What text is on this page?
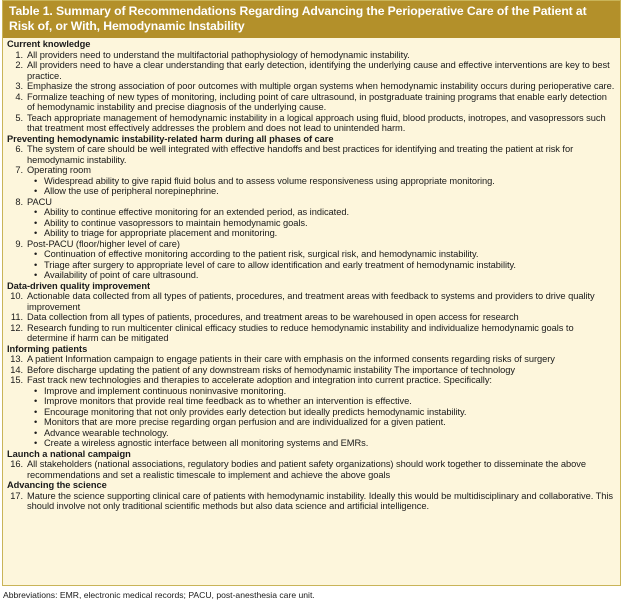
Table 1. Summary of Recommendations Regarding Advancing the Perioperative Care of the Patient at Risk of, or With, Hemodynamic Instability
Current knowledge
1. All providers need to understand the multifactorial pathophysiology of hemodynamic instability.
2. All providers need to have a clear understanding that early detection, identifying the underlying cause and effective interventions are key to best practice.
3. Emphasize the strong association of poor outcomes with multiple organ systems when hemodynamic instability occurs during perioperative care.
4. Formalize teaching of new types of monitoring, including point of care ultrasound, in postgraduate training programs that enable early detection of hemodynamic instability and precise diagnosis of the underlying cause.
5. Teach appropriate management of hemodynamic instability in a logical approach using fluid, blood products, inotropes, and vasopressors such that treatment most effectively addresses the problem and does not lead to unintended harm.
Preventing hemodynamic instability-related harm during all phases of care
6. The system of care should be well integrated with effective handoffs and best practices for identifying and treating the patient at risk for hemodynamic instability.
7. Operating room
• Widespread ability to give rapid fluid bolus and to assess volume responsiveness using appropriate monitoring.
• Allow the use of peripheral norepinephrine.
8. PACU
• Ability to continue effective monitoring for an extended period, as indicated.
• Ability to continue vasopressors to maintain hemodynamic goals.
• Ability to triage for appropriate placement and monitoring.
9. Post-PACU (floor/higher level of care)
• Continuation of effective monitoring according to the patient risk, surgical risk, and hemodynamic instability.
• Triage after surgery to appropriate level of care to allow identification and early treatment of hemodynamic instability.
• Availability of point of care ultrasound.
Data-driven quality improvement
10. Actionable data collected from all types of patients, procedures, and treatment areas with feedback to systems and providers to drive quality improvement
11. Data collection from all types of patients, procedures, and treatment areas to be warehoused in open access for research
12. Research funding to run multicenter clinical efficacy studies to reduce hemodynamic instability and individualize hemodynamic goals to determine if harm can be mitigated
Informing patients
13. A patient Information campaign to engage patients in their care with emphasis on the informed consents regarding risks of surgery
14. Before discharge updating the patient of any downstream risks of hemodynamic instability The importance of technology
15. Fast track new technologies and therapies to accelerate adoption and integration into current practice. Specifically:
• Improve and implement continuous noninvasive monitoring.
• Improve monitors that provide real time feedback as to whether an intervention is effective.
• Encourage monitoring that not only provides early detection but ideally predicts hemodynamic instability.
• Monitors that are more precise regarding organ perfusion and are individualized for a given patient.
• Advance wearable technology.
• Create a wireless agnostic interface between all monitoring systems and EMRs.
Launch a national campaign
16. All stakeholders (national associations, regulatory bodies and patient safety organizations) should work together to disseminate the above recommendations and set a realistic timescale to implement and achieve the above goals
Advancing the science
17. Mature the science supporting clinical care of patients with hemodynamic instability. Ideally this would be multidisciplinary and collaborative. This should involve not only traditional scientific methods but also data science and artificial intelligence.
Abbreviations: EMR, electronic medical records; PACU, post-anesthesia care unit.
